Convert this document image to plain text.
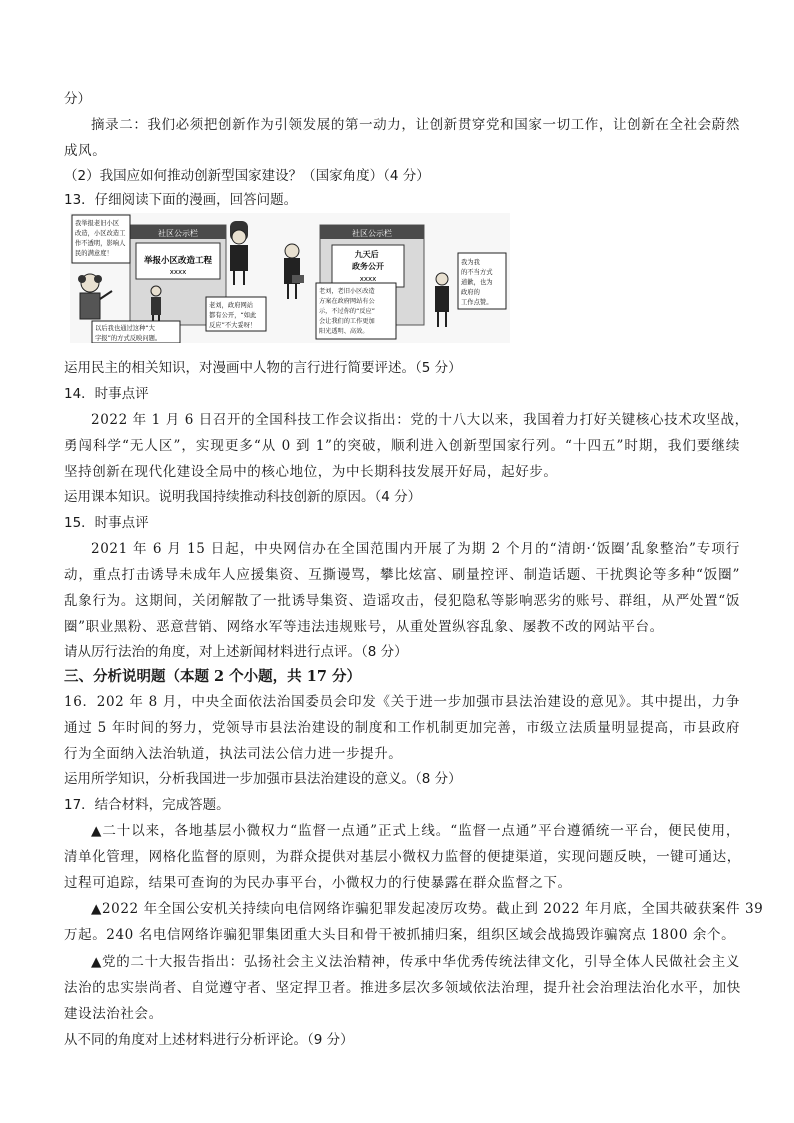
分）
摘录二：我们必须把创新作为引领发展的第一动力，让创新贯穿党和国家一切工作，让创新在全社会蔚然
成风。
（2）我国应如何推动创新型国家建设？（国家角度）（4 分）
13．仔细阅读下面的漫画，回答问题。
社区公示栏
举报小区改造工程
xxxx
我举报老旧小区 改造，小区改造工 作不透明，影响人 民的满意度！
以后我也通过这种“大 字报”的方式反映问题。
老刘，政府网站 都有公开，“如此 反应”不大妥呀！
社区公示栏
九天后 政务公开
xxxx
老刘，老旧小区改造 方案在政府网站有公 示，不过你的“反应” 会让我们的工作更加 阳光透明、高效。
我为我 的不当方式 道歉，也为 政府的 工作点赞。
运用民主的相关知识，对漫画中人物的言行进行简要评述。（5 分）
14．时事点评
2022 年 1 月 6 日召开的全国科技工作会议指出：党的十八大以来，我国着力打好关键核心技术攻坚战，
勇闯科学“无人区”，实现更多“从 0 到 1”的突破，顺利进入创新型国家行列。“十四五”时期，我们要继续
坚持创新在现代化建设全局中的核心地位，为中长期科技发展开好局，起好步。
运用课本知识。说明我国持续推动科技创新的原因。（4 分）
15．时事点评
2021 年 6 月 15 日起，中央网信办在全国范围内开展了为期 2 个月的“清朗·‘饭圈’乱象整治”专项行
动，重点打击诱导未成年人应援集资、互撕谩骂，攀比炫富、刷量控评、制造话题、干扰舆论等多种“饭圈”
乱象行为。这期间，关闭解散了一批诱导集资、造谣攻击，侵犯隐私等影响恶劣的账号、群组，从严处置“饭
圈”职业黑粉、恶意营销、网络水军等违法违规账号，从重处置纵容乱象、屡教不改的网站平台。
请从厉行法治的角度，对上述新闻材料进行点评。（8 分）
三、分析说明题（本题 2 个小题，共 17 分）
16．202 年 8 月，中央全面依法治国委员会印发《关于进一步加强市县法治建设的意见》。其中提出，力争
通过 5 年时间的努力，党领导市县法治建设的制度和工作机制更加完善，市级立法质量明显提高，市县政府
行为全面纳入法治轨道，执法司法公信力进一步提升。
运用所学知识，分析我国进一步加强市县法治建设的意义。（8 分）
17．结合材料，完成答题。
▲二十以来，各地基层小微权力“监督一点通”正式上线。“监督一点通”平台遵循统一平台，便民使用，
清单化管理，网格化监督的原则，为群众提供对基层小微权力监督的便捷渠道，实现问题反映，一键可通达，
过程可追踪，结果可查询的为民办事平台，小微权力的行使暴露在群众监督之下。
▲2022 年全国公安机关持续向电信网络诈骗犯罪发起凌厉攻势。截止到 2022 年月底，全国共破获案件 39
万起。240 名电信网络诈骗犯罪集团重大头目和骨干被抓捕归案，组织区域会战捣毁诈骗窝点 1800 余个。
▲党的二十大报告指出：弘扬社会主义法治精神，传承中华优秀传统法律文化，引导全体人民做社会主义
法治的忠实崇尚者、自觉遵守者、坚定捍卫者。推进多层次多领域依法治理，提升社会治理法治化水平，加快
建设法治社会。
从不同的角度对上述材料进行分析评论。（9 分）
